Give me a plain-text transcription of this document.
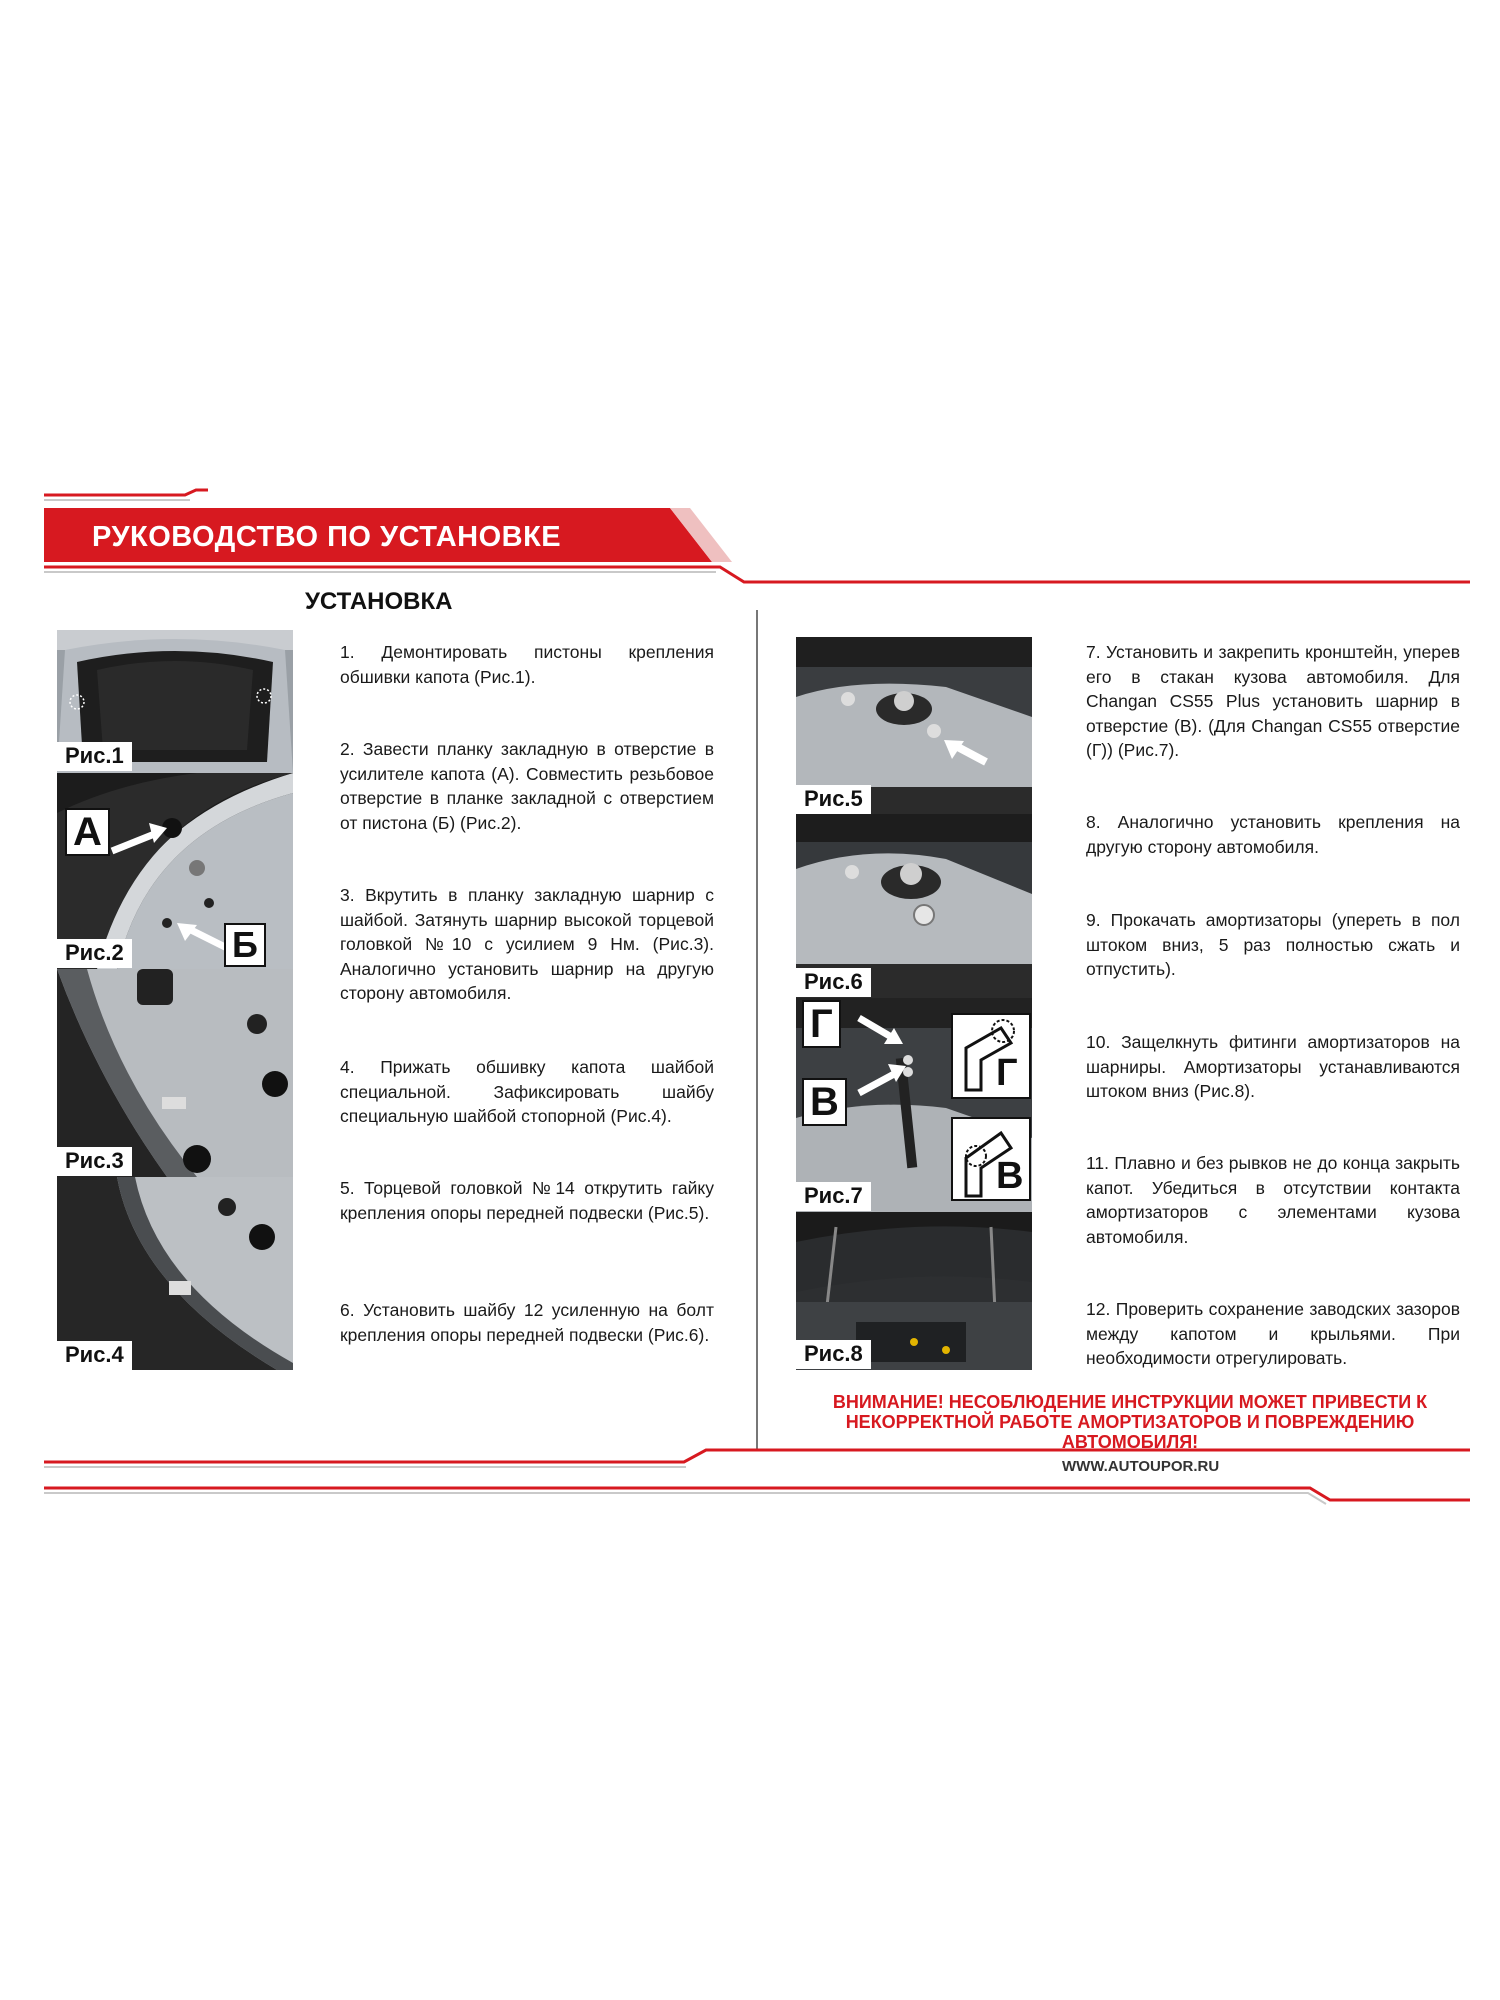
РУКОВОДСТВО ПО УСТАНОВКЕ
УСТАНОВКА
Рис.1
А
Б
Рис.2
Рис.3
Рис.4
Рис.5
Рис.6
Г
В
Г
В
Рис.7
Рис.8
1. Демонтировать пистоны крепления обшивки капота (Рис.1).
2. Завести планку закладную в отверстие в усилителе капота (А). Совместить резьбовое отверстие в планке закладной с отверстием от пистона (Б) (Рис.2).
3. Вкрутить в планку закладную шарнир с шайбой. Затянуть шарнир высокой торцевой головкой №10 с усилием 9 Нм. (Рис.3). Аналогично установить шарнир на другую сторону автомобиля.
4. Прижать обшивку капота шайбой специальной. Зафиксировать шайбу специальную шайбой стопорной (Рис.4).
5. Торцевой головкой №14 открутить гайку крепления опоры передней подвески (Рис.5).
6. Установить шайбу 12 усиленную на болт крепления опоры передней подвески (Рис.6).
7. Установить и закрепить кронштейн, уперев его в стакан кузова автомобиля. Для Changan CS55 Plus установить шарнир в отверстие (В). (Для Changan CS55 отверстие (Г)) (Рис.7).
8. Аналогично установить крепления на другую сторону автомобиля.
9. Прокачать амортизаторы (упереть в пол штоком вниз, 5 раз полностью сжать и отпустить).
10. Защелкнуть фитинги амортизаторов на шарниры. Амортизаторы устанавливаются штоком вниз (Рис.8).
11. Плавно и без рывков не до конца закрыть капот. Убедиться в отсутствии контакта амортизаторов с элементами кузова автомобиля.
12. Проверить сохранение заводских зазоров между капотом и крыльями. При необходимости отрегулировать.
ВНИМАНИЕ! НЕСОБЛЮДЕНИЕ ИНСТРУКЦИИ МОЖЕТ ПРИВЕСТИ К НЕКОРРЕКТНОЙ РАБОТЕ АМОРТИЗАТОРОВ И ПОВРЕЖДЕНИЮ АВТОМОБИЛЯ!
WWW.AUTOUPOR.RU
